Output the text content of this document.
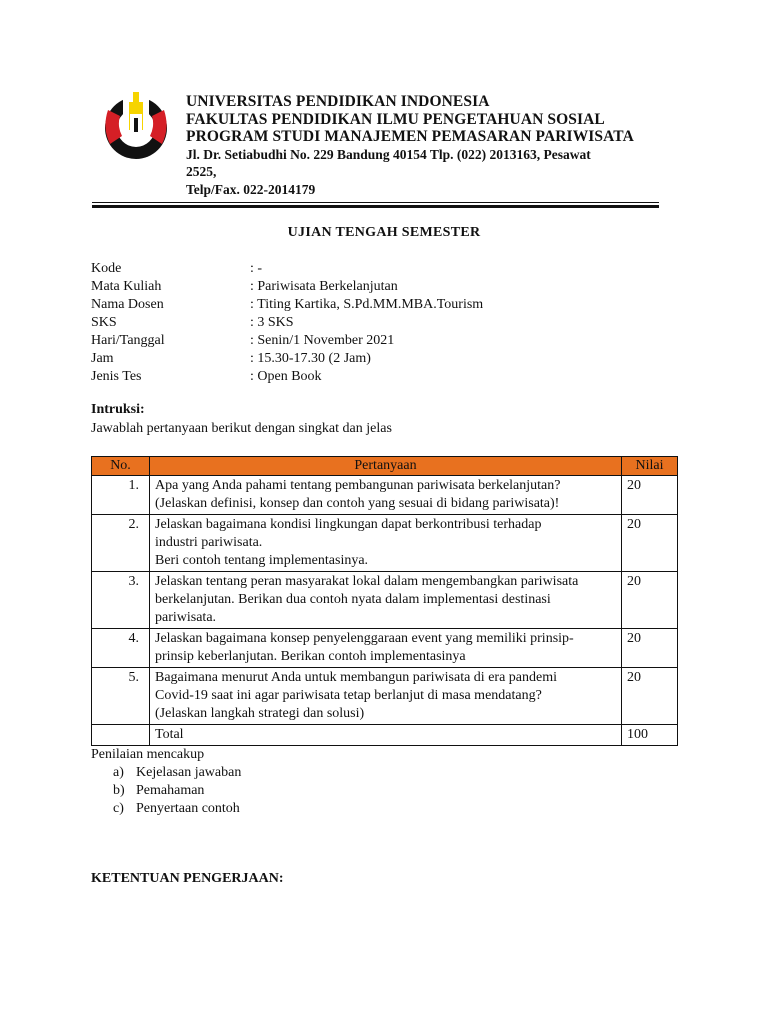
UNIVERSITAS PENDIDIKAN INDONESIA
FAKULTAS PENDIDIKAN ILMU PENGETAHUAN SOSIAL
PROGRAM STUDI MANAJEMEN PEMASARAN PARIWISATA
Jl. Dr. Setiabudhi No. 229 Bandung 40154 Tlp. (022) 2013163, Pesawat
2525,
Telp/Fax. 022-2014179
UJIAN TENGAH SEMESTER
Kode	: -
Mata Kuliah	: Pariwisata Berkelanjutan
Nama Dosen	: Titing Kartika, S.Pd.MM.MBA.Tourism
SKS	: 3 SKS
Hari/Tanggal	: Senin/1 November 2021
Jam	: 15.30-17.30 (2 Jam)
Jenis Tes	: Open Book
Intruksi:
Jawablah pertanyaan berikut dengan singkat dan jelas
No.	Pertanyaan	Nilai
1.	Apa yang Anda pahami tentang pembangunan pariwisata berkelanjutan?
(Jelaskan definisi, konsep dan contoh yang sesuai di bidang pariwisata)!	20
2.	Jelaskan bagaimana kondisi lingkungan dapat berkontribusi terhadap
industri pariwisata.
Beri contoh tentang implementasinya.	20
3.	Jelaskan tentang peran masyarakat lokal dalam mengembangkan pariwisata
berkelanjutan. Berikan dua contoh nyata dalam implementasi destinasi
pariwisata.	20
4.	Jelaskan bagaimana konsep penyelenggaraan event yang memiliki prinsip-
prinsip keberlanjutan. Berikan contoh implementasinya	20
5.	Bagaimana menurut Anda untuk membangun pariwisata di era pandemi
Covid-19 saat ini agar pariwisata tetap berlanjut di masa mendatang?
(Jelaskan langkah strategi dan solusi)	20
	Total	100
Penilaian mencakup
a) Kejelasan jawaban
b) Pemahaman
c) Penyertaan contoh
KETENTUAN PENGERJAAN:
